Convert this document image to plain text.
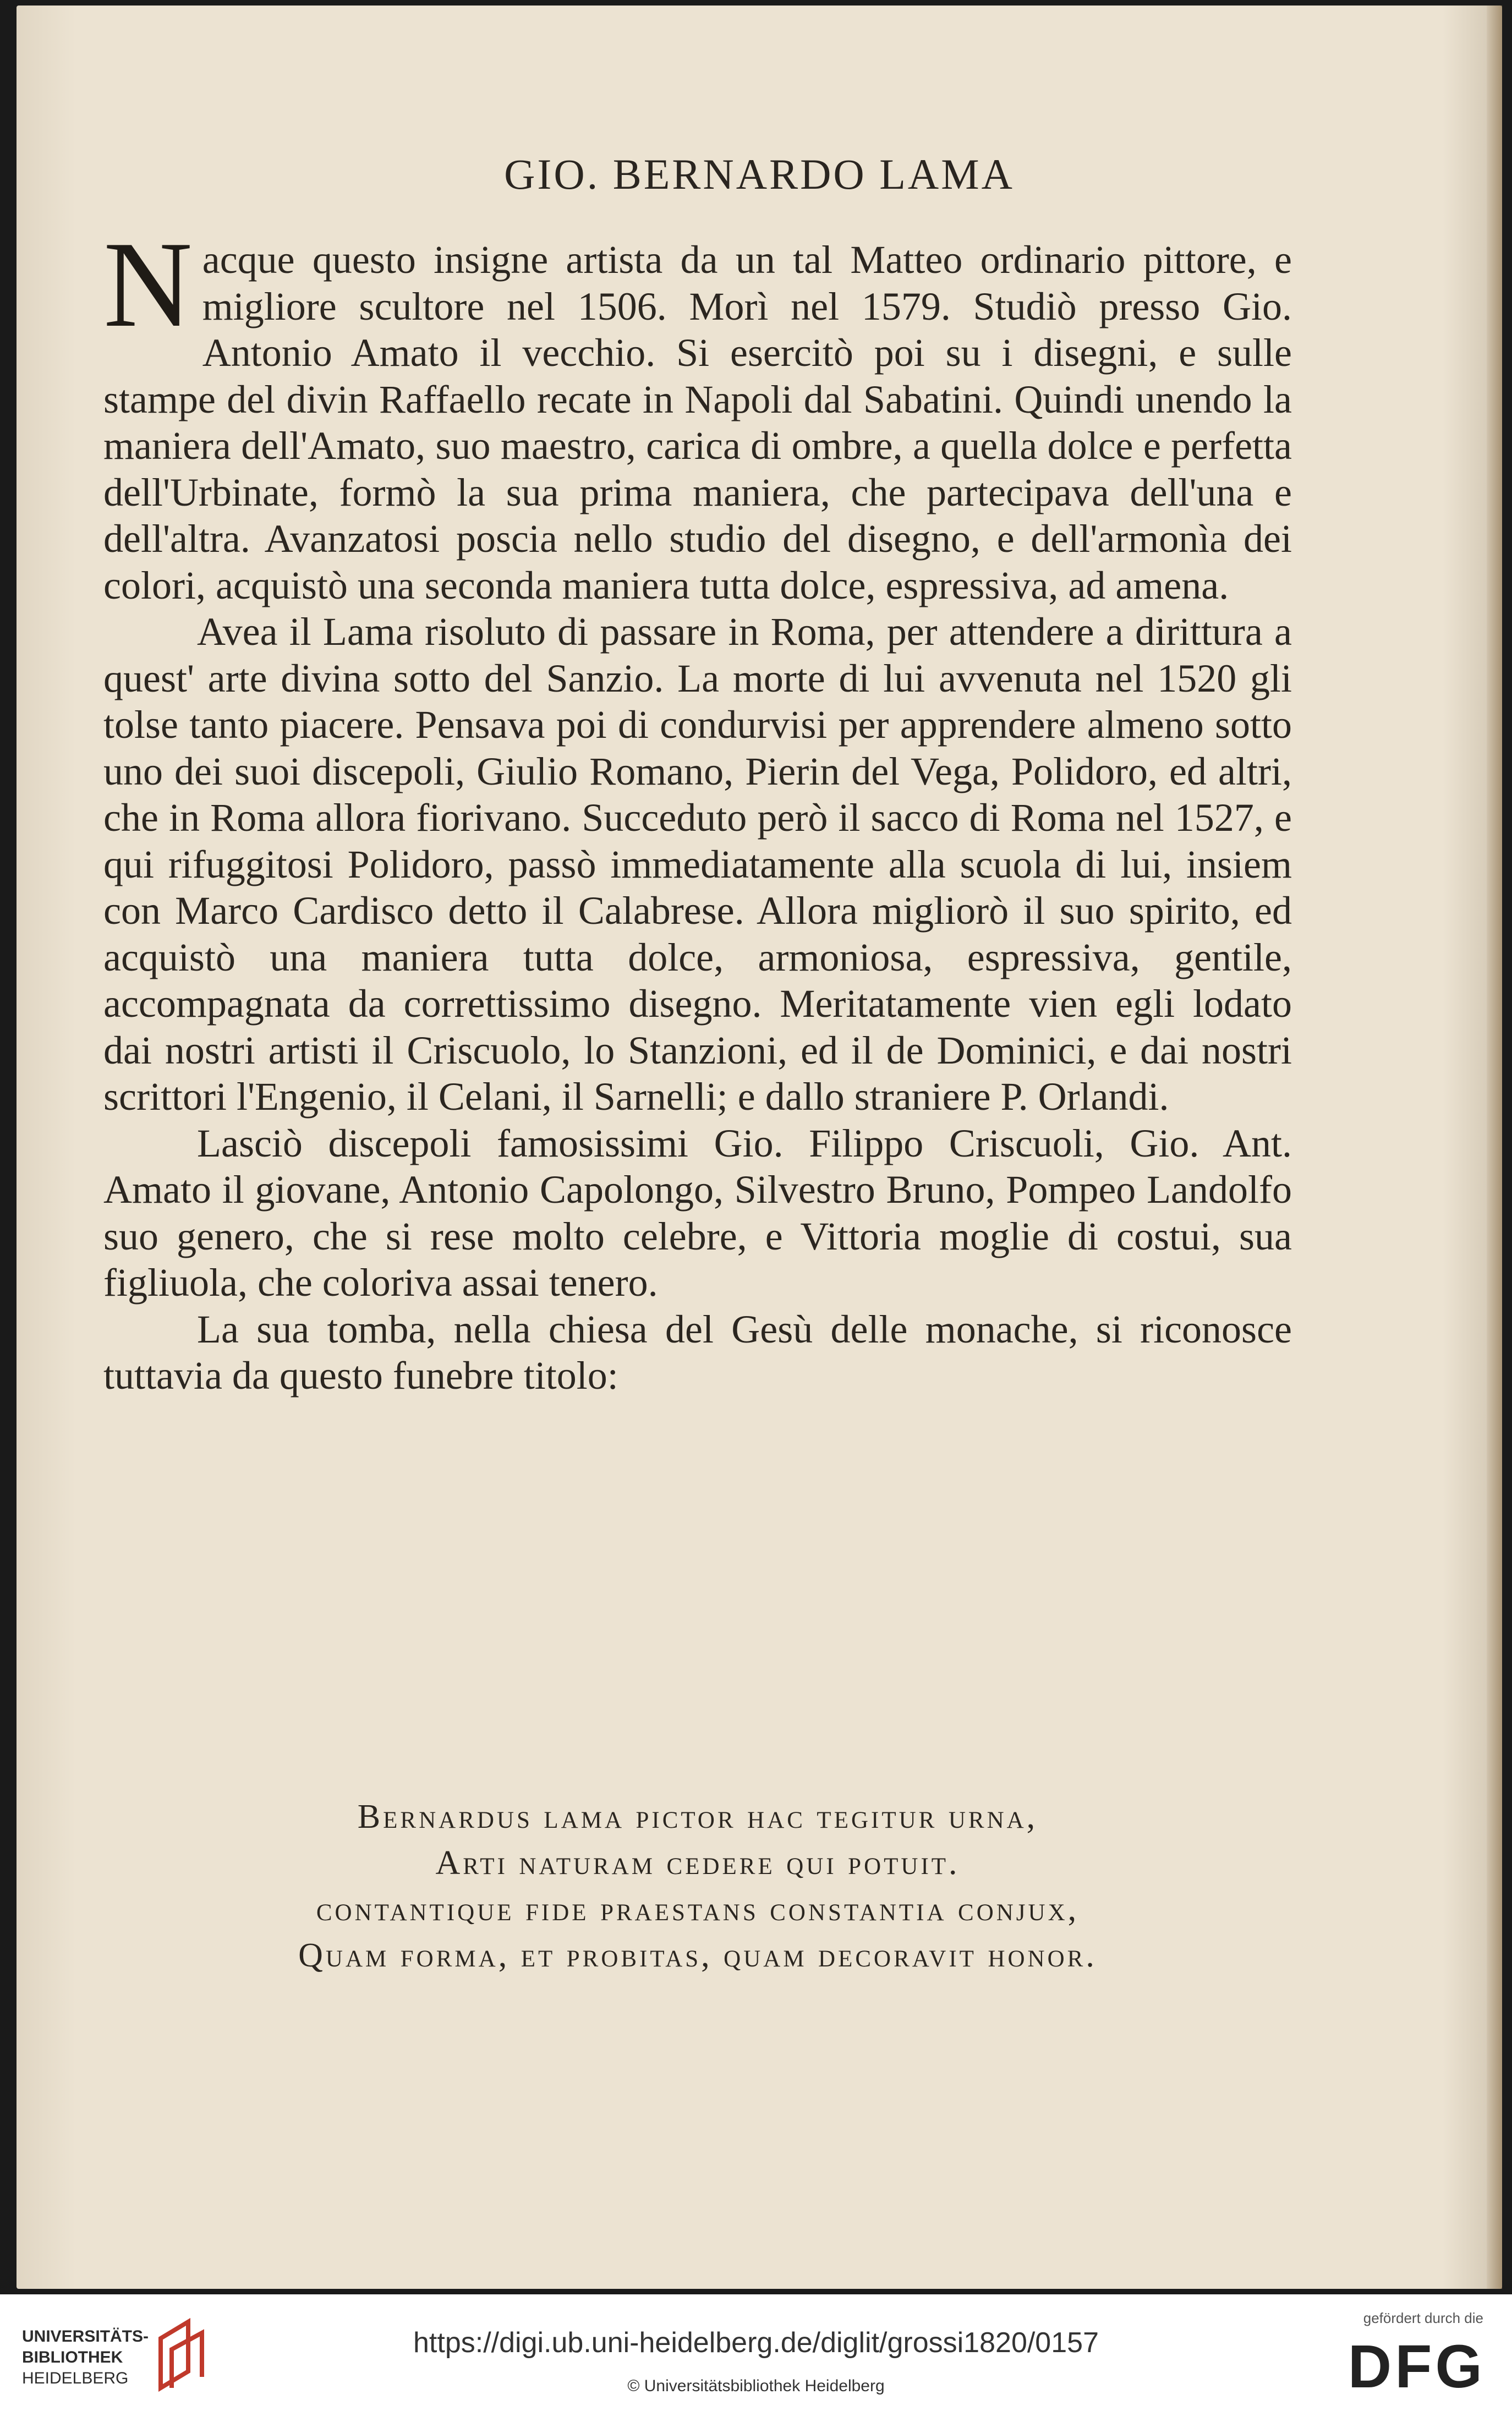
GIO. BERNARDO LAMA

N acque questo insigne artista da un tal Matteo ordinario pittore, e migliore scultore nel 1506. Morì nel 1579. Studiò presso Gio. Antonio Amato il vecchio. Si esercitò poi su i disegni, e sulle stampe del divin Raffaello recate in Napoli dal Sabatini. Quindi unendo la maniera dell'Amato, suo maestro, carica di ombre, a quella dolce e perfetta dell'Urbinate, formò la sua prima maniera, che partecipava dell'una e dell'altra. Avanzatosi poscia nello studio del disegno, e dell'armonìa dei colori, acquistò una seconda maniera tutta dolce, espressiva, ad amena.

Avea il Lama risoluto di passare in Roma, per attendere a dirittura a quest' arte divina sotto del Sanzio. La morte di lui avvenuta nel 1520 gli tolse tanto piacere. Pensava poi di condurvisi per apprendere almeno sotto uno dei suoi discepoli, Giulio Romano, Pierin del Vega, Polidoro, ed altri, che in Roma allora fiorivano. Succeduto però il sacco di Roma nel 1527, e qui rifuggitosi Polidoro, passò immediatamente alla scuola di lui, insiem con Marco Cardisco detto il Calabrese. Allora migliorò il suo spirito, ed acquistò una maniera tutta dolce, armoniosa, espressiva, gentile, accompagnata da correttissimo disegno. Meritatamente vien egli lodato dai nostri artisti il Criscuolo, lo Stanzioni, ed il de Dominici, e dai nostri scrittori l'Engenio, il Celani, il Sarnelli; e dallo straniere P. Orlandi.

Lasciò discepoli famosissimi Gio. Filippo Criscuoli, Gio. Ant. Amato il giovane, Antonio Capolongo, Silvestro Bruno, Pompeo Landolfo suo genero, che si rese molto celebre, e Vittoria moglie di costui, sua figliuola, che coloriva assai tenero.

La sua tomba, nella chiesa del Gesù delle monache, si riconosce tuttavia da questo funebre titolo:

Bernardus lama pictor hac tegitur urna,
Arti naturam cedere qui potuit.
contantique fide praestans constantia conjux,
Quam forma, et probitas, quam decoravit honor.
UNIVERSITÄTS-
BIBLIOTHEK
HEIDELBERG
https://digi.ub.uni-heidelberg.de/diglit/grossi1820/0157
© Universitätsbibliothek Heidelberg
gefördert durch die
DFG
